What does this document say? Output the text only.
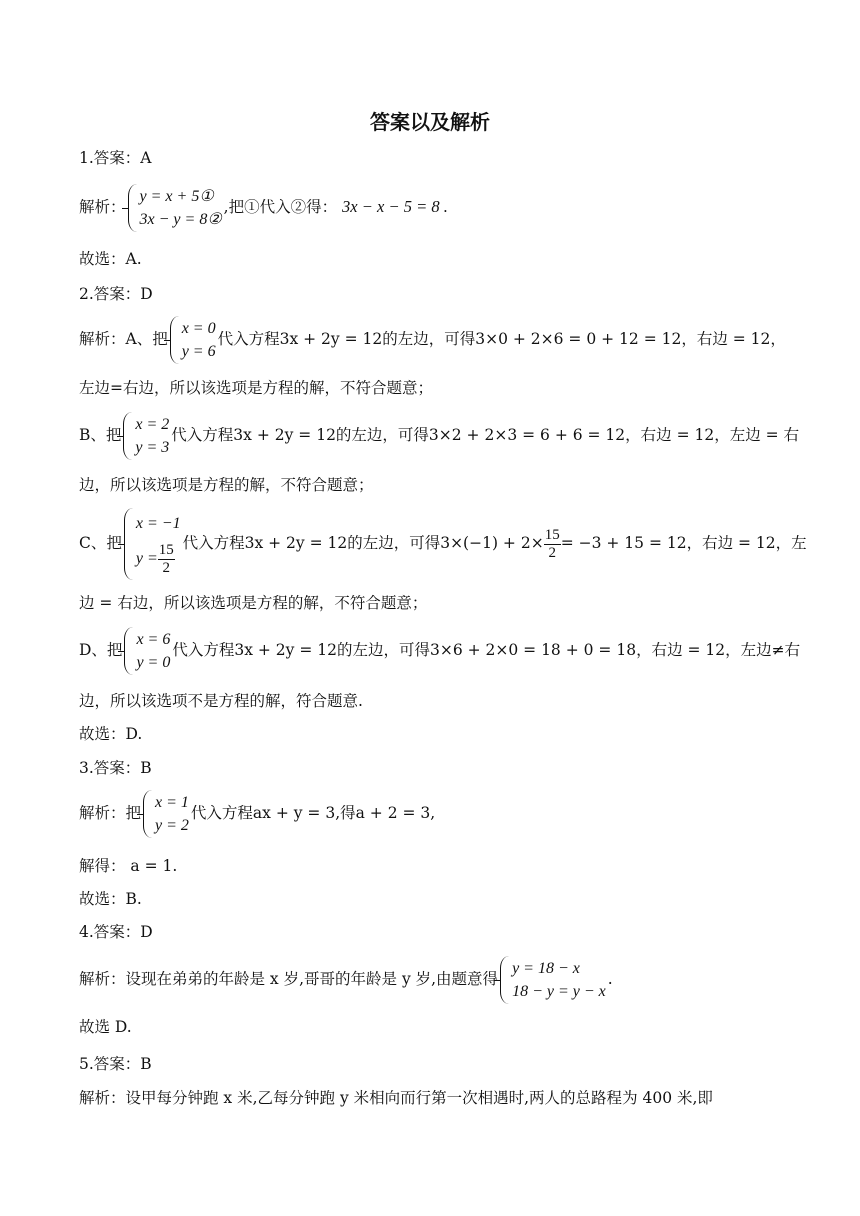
答案以及解析
1.答案：A
解析：
y = x + 5①
3x − y = 8②
,把①代入②得： 3x − x − 5 = 8 .
故选：A.
2.答案：D
解析：A、把
x = 0
y = 6
代入方程3x + 2y = 12的左边，可得3×0 + 2×6 = 0 + 12 = 12，右边 = 12，
左边=右边，所以该选项是方程的解，不符合题意；
B、把
x = 2
y = 3
代入方程3x + 2y = 12的左边，可得3×2 + 2×3 = 6 + 6 = 12，右边 = 12，左边 = 右
边，所以该选项是方程的解，不符合题意；
C、把
x = −1
$y = \frac{15}{2}$ 代入方程3x + 2y = 12的左边，可得$3\times(-1) + 2\times \frac{15}{2} = -3 + 15 = 12$，右边 = 12，左
边 = 右边，所以该选项是方程的解，不符合题意；
D、把
x = 6
y = 0
代入方程3x + 2y = 12的左边，可得3×6 + 2×0 = 18 + 0 = 18，右边 = 12，左边≠右
边，所以该选项不是方程的解，符合题意.
故选：D.
3.答案：B
解析：把
x = 1
y = 2
代入方程ax + y = 3,得a + 2 = 3,
解得： a = 1.
故选：B.
4.答案：D
解析：设现在弟弟的年龄是 x 岁,哥哥的年龄是 y 岁,由题意得
y = 18 − x
18 − y = y − x
.
故选 D.
5.答案：B
解析：设甲每分钟跑 x 米,乙每分钟跑 y 米相向而行第一次相遇时,两人的总路程为 400 米,即
